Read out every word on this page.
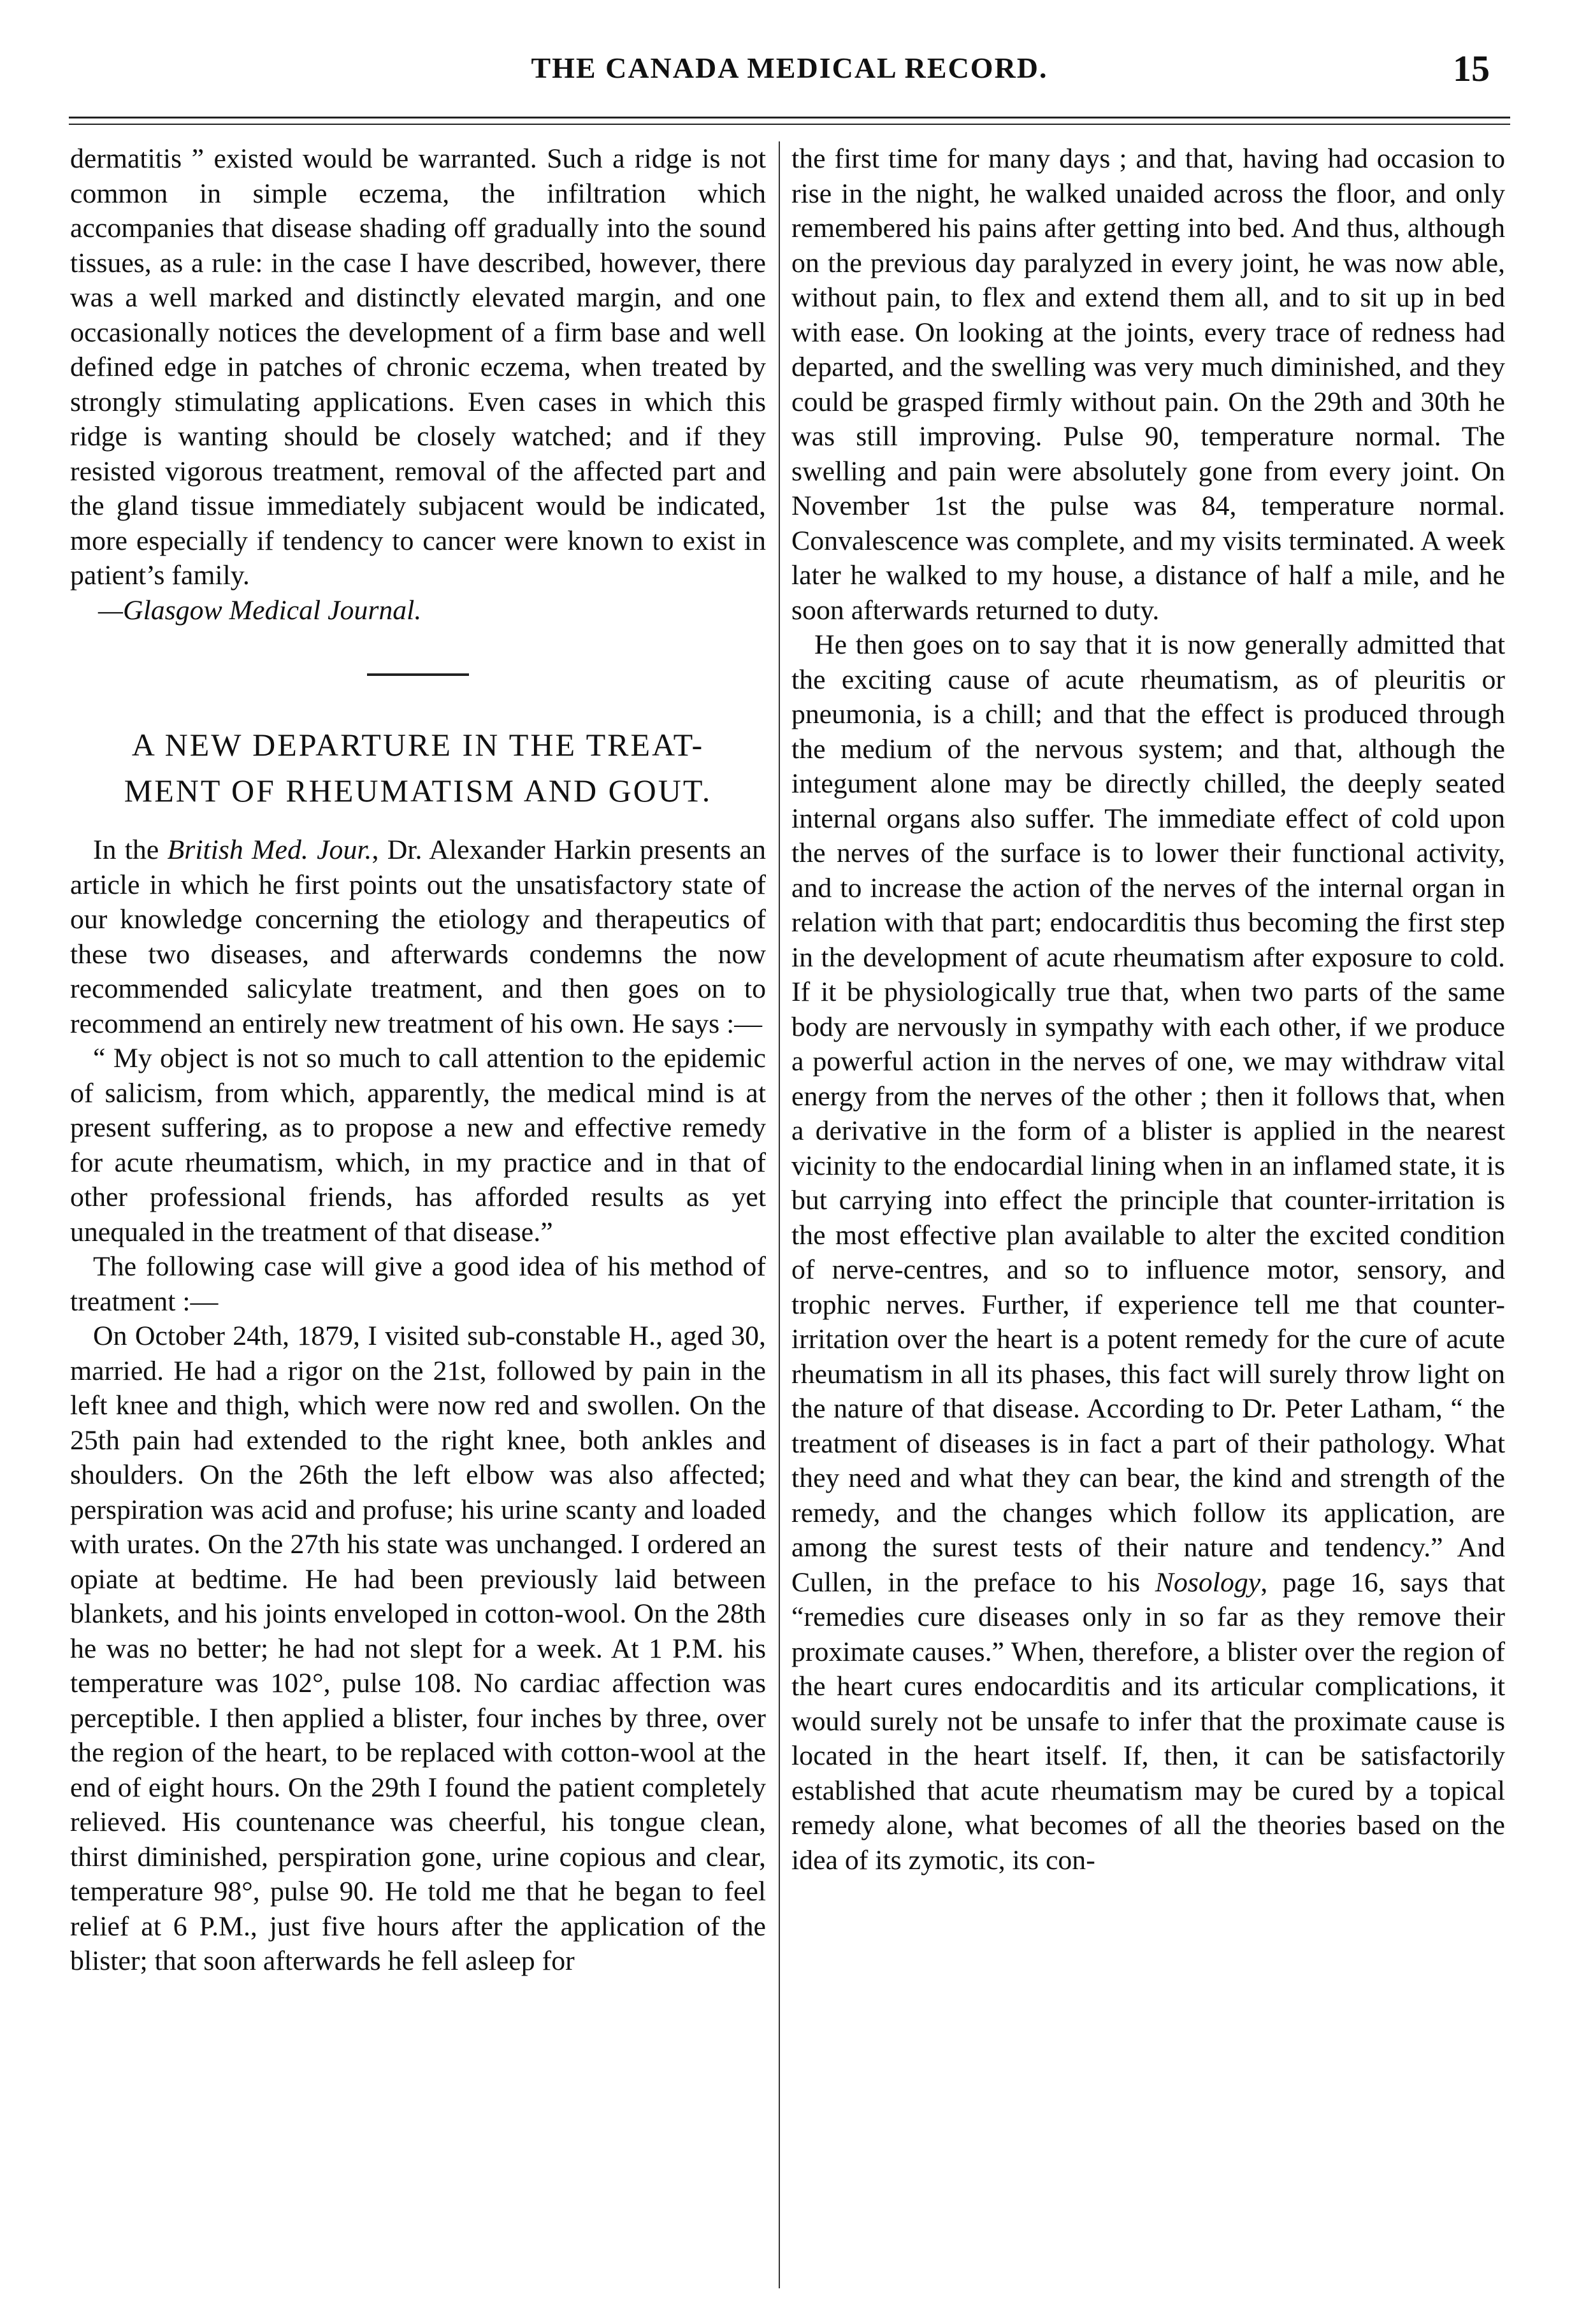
THE CANADA MEDICAL RECORD.	15

dermatitis ” existed would be warranted. Such a ridge is not common in simple eczema, the infiltration which accompanies that disease shading off gradually into the sound tissues, as a rule: in the case I have described, however, there was a well marked and distinctly elevated margin, and one occasionally notices the development of a firm base and well defined edge in patches of chronic eczema, when treated by strongly stimulating applications. Even cases in which this ridge is wanting should be closely watched; and if they resisted vigorous treatment, removal of the affected part and the gland tissue immediately subjacent would be indicated, more especially if tendency to cancer were known to exist in patient’s family.

—Glasgow Medical Journal.

A NEW DEPARTURE IN THE TREAT-
MENT OF RHEUMATISM AND GOUT.

In the British Med. Jour., Dr. Alexander Harkin presents an article in which he first points out the unsatisfactory state of our knowledge concerning the etiology and therapeutics of these two diseases, and afterwards condemns the now recommended salicylate treatment, and then goes on to recommend an entirely new treatment of his own. He says :—

“ My object is not so much to call attention to the epidemic of salicism, from which, apparently, the medical mind is at present suffering, as to propose a new and effective remedy for acute rheumatism, which, in my practice and in that of other professional friends, has afforded results as yet unequaled in the treatment of that disease.”

The following case will give a good idea of his method of treatment :—

On October 24th, 1879, I visited sub-constable H., aged 30, married. He had a rigor on the 21st, followed by pain in the left knee and thigh, which were now red and swollen. On the 25th pain had extended to the right knee, both ankles and shoulders. On the 26th the left elbow was also affected; perspiration was acid and profuse; his urine scanty and loaded with urates. On the 27th his state was unchanged. I ordered an opiate at bedtime. He had been previously laid between blankets, and his joints enveloped in cotton-wool. On the 28th he was no better; he had not slept for a week. At 1 P.M. his temperature was 102°, pulse 108. No cardiac affection was perceptible. I then applied a blister, four inches by three, over the region of the heart, to be replaced with cotton-wool at the end of eight hours. On the 29th I found the patient completely relieved. His countenance was cheerful, his tongue clean, thirst diminished, perspiration gone, urine copious and clear, temperature 98°, pulse 90. He told me that he began to feel relief at 6 P.M., just five hours after the application of the blister; that soon afterwards he fell asleep for

the first time for many days ; and that, having had occasion to rise in the night, he walked unaided across the floor, and only remembered his pains after getting into bed. And thus, although on the previous day paralyzed in every joint, he was now able, without pain, to flex and extend them all, and to sit up in bed with ease. On looking at the joints, every trace of redness had departed, and the swelling was very much diminished, and they could be grasped firmly without pain. On the 29th and 30th he was still improving. Pulse 90, temperature normal. The swelling and pain were absolutely gone from every joint. On November 1st the pulse was 84, temperature normal. Convalescence was complete, and my visits terminated. A week later he walked to my house, a distance of half a mile, and he soon afterwards returned to duty.

He then goes on to say that it is now generally admitted that the exciting cause of acute rheumatism, as of pleuritis or pneumonia, is a chill; and that the effect is produced through the medium of the nervous system; and that, although the integument alone may be directly chilled, the deeply seated internal organs also suffer. The immediate effect of cold upon the nerves of the surface is to lower their functional activity, and to increase the action of the nerves of the internal organ in relation with that part; endocarditis thus becoming the first step in the development of acute rheumatism after exposure to cold. If it be physiologically true that, when two parts of the same body are nervously in sympathy with each other, if we produce a powerful action in the nerves of one, we may withdraw vital energy from the nerves of the other ; then it follows that, when a derivative in the form of a blister is applied in the nearest vicinity to the endocardial lining when in an inflamed state, it is but carrying into effect the principle that counter-irritation is the most effective plan available to alter the excited condition of nerve-centres, and so to influence motor, sensory, and trophic nerves. Further, if experience tell me that counter-irritation over the heart is a potent remedy for the cure of acute rheumatism in all its phases, this fact will surely throw light on the nature of that disease. According to Dr. Peter Latham, “ the treatment of diseases is in fact a part of their pathology. What they need and what they can bear, the kind and strength of the remedy, and the changes which follow its application, are among the surest tests of their nature and tendency.” And Cullen, in the preface to his Nosology, page 16, says that “remedies cure diseases only in so far as they remove their proximate causes.” When, therefore, a blister over the region of the heart cures endocarditis and its articular complications, it would surely not be unsafe to infer that the proximate cause is located in the heart itself. If, then, it can be satisfactorily established that acute rheumatism may be cured by a topical remedy alone, what becomes of all the theories based on the idea of its zymotic, its con-
